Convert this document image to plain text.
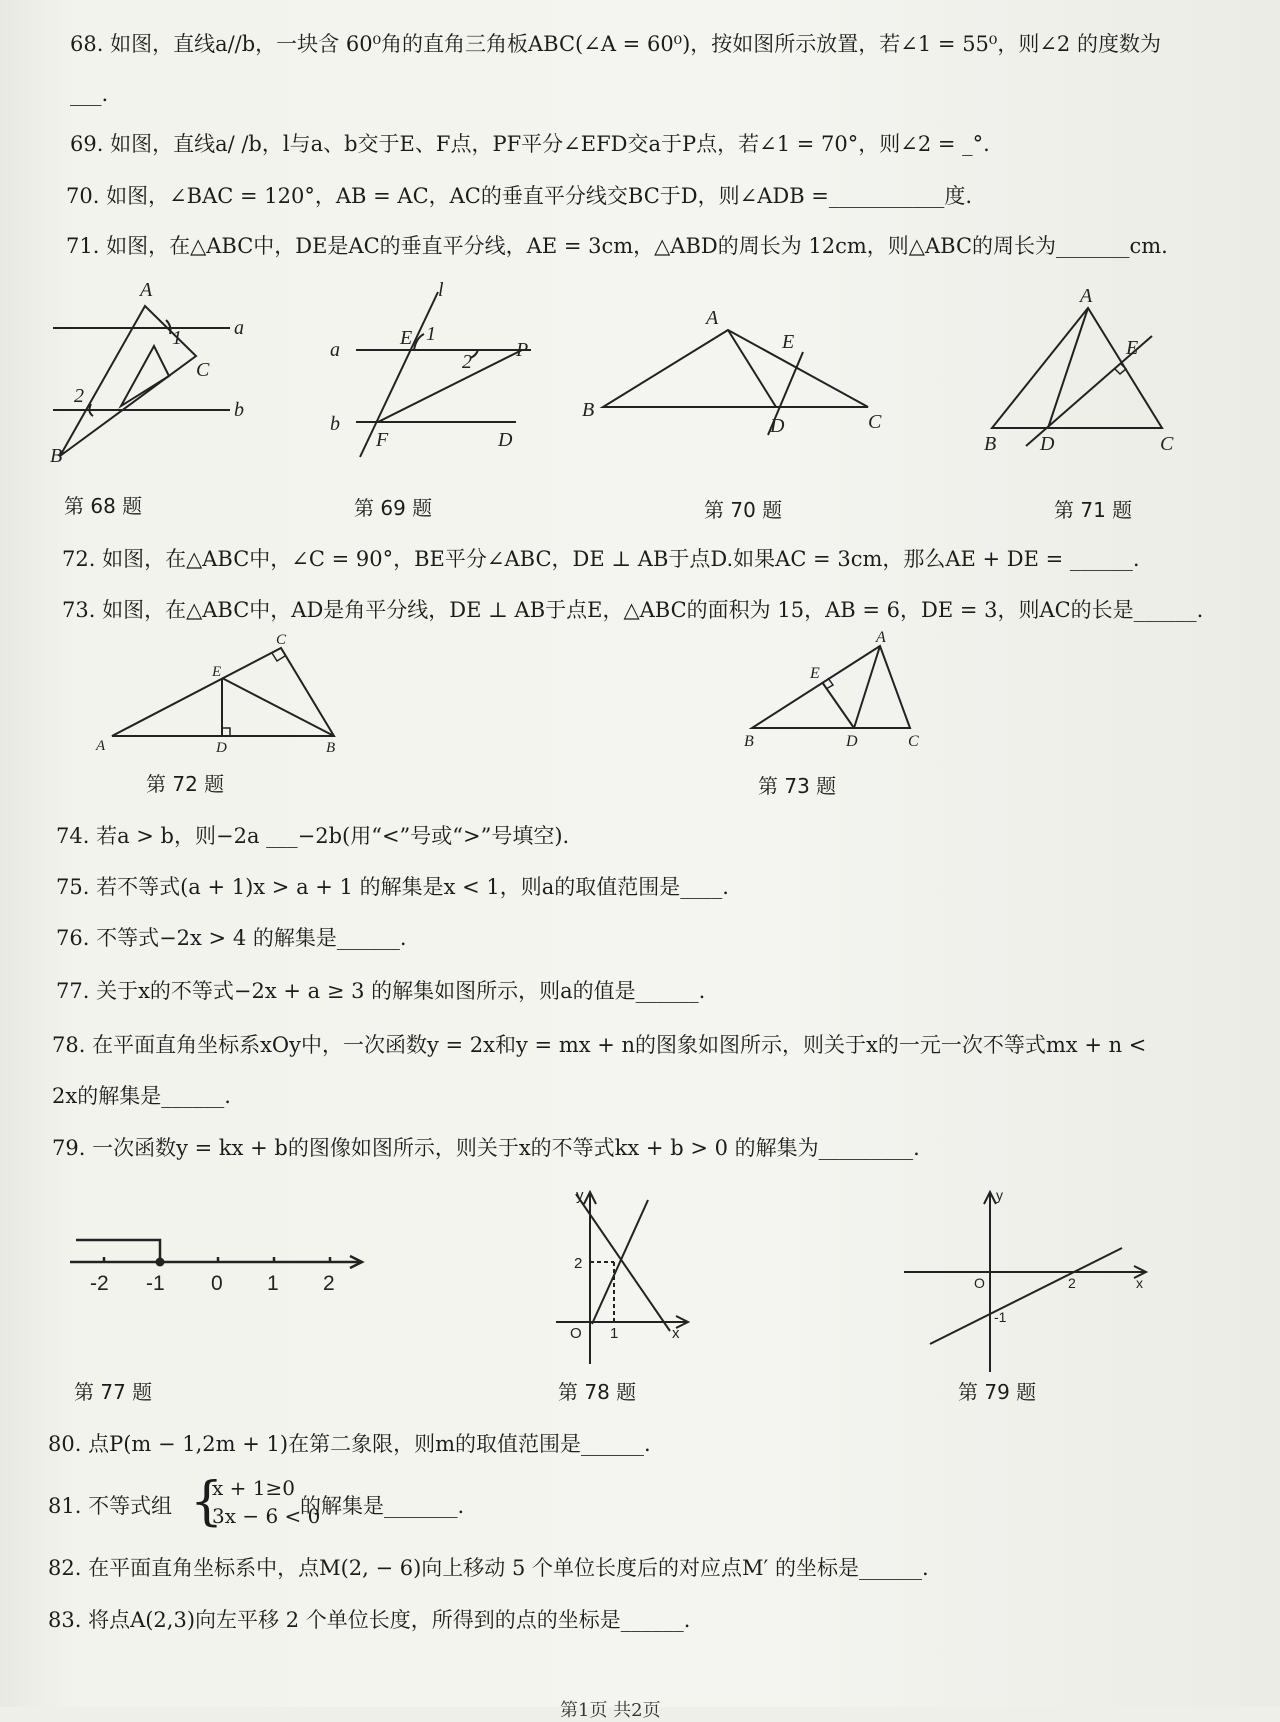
68. 如图，直线a//b，一块含 60⁰角的直角三角板ABC(∠A = 60⁰)，按如图所示放置，若∠1 = 55⁰，则∠2 的度数为
___.
69. 如图，直线a/ /b，l与a、b交于E、F点，PF平分∠EFD交a于P点，若∠1 = 70°，则∠2 = _°.
70. 如图，∠BAC = 120°，AB = AC，AC的垂直平分线交BC于D，则∠ADB =___________度.
71. 如图，在△ABC中，DE是AC的垂直平分线，AE = 3cm，△ABD的周长为 12cm，则△ABC的周长为_______cm.
A
a
1
C
2
b
B
l
E 1
a
2
P
b
F	D
A
E
B
D	C
A
E
B D	C
第 68 题	第 69 题	第 70 题	第 71 题
72. 如图，在△ABC中，∠C = 90°，BE平分∠ABC，DE ⊥ AB于点D.如果AC = 3cm，那么AE + DE = ______.
73. 如图，在△ABC中，AD是角平分线，DE ⊥ AB于点E，△ABC的面积为 15，AB = 6，DE = 3，则AC的长是______.
C
E
A	D	B
A
E
B	D	C
第 72 题	第 73 题
74. 若a > b，则−2a ___−2b(用“<”号或“>”号填空).
75. 若不等式(a + 1)x > a + 1 的解集是x < 1，则a的取值范围是____.
76. 不等式−2x > 4 的解集是______.
77. 关于x的不等式−2x + a ≥ 3 的解集如图所示，则a的值是______.
78. 在平面直角坐标系xOy中，一次函数y = 2x和y = mx + n的图象如图所示，则关于x的一元一次不等式mx + n <
2x的解集是______.
79. 一次函数y = kx + b的图像如图所示，则关于x的不等式kx + b > 0 的解集为_________.
-2 -1 0 1 2
y
2
O 1	x
y
O	2
-1
x
第 77 题	第 78 题	第 79 题
80. 点P(m − 1,2m + 1)在第二象限，则m的取值范围是______.
81. 不等式组 {
x + 1≥0
3x − 6 < 0
的解集是_______.
82. 在平面直角坐标系中，点M(2, − 6)向上移动 5 个单位长度后的对应点M′ 的坐标是______.
83. 将点A(2,3)向左平移 2 个单位长度，所得到的点的坐标是______.
第1页 共2页
